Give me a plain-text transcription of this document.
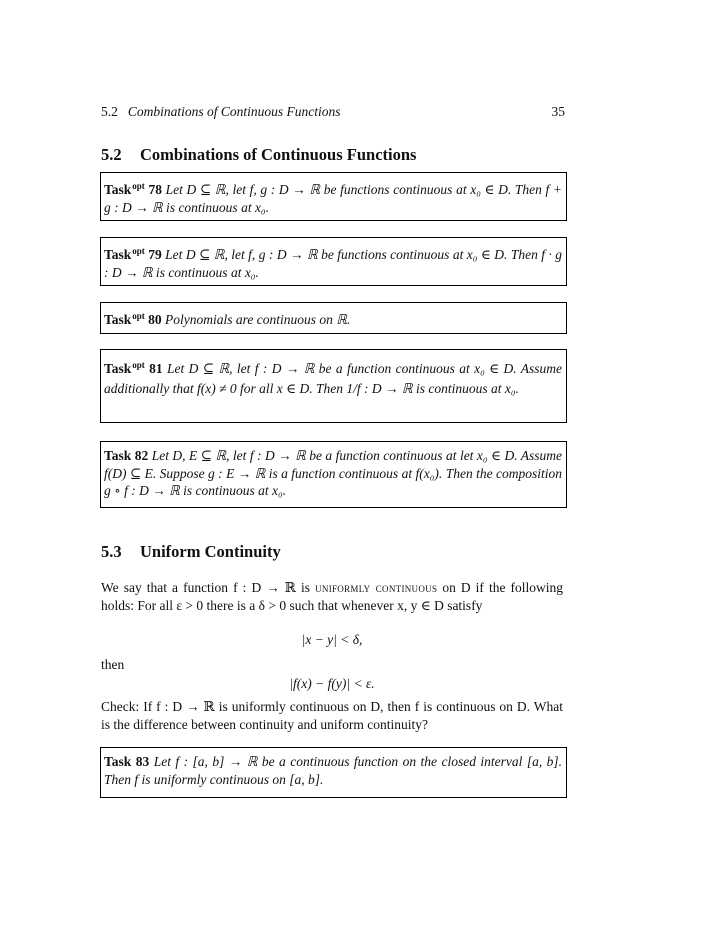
5.2 Combinations of Continuous Functions	35
5.2 Combinations of Continuous Functions
Task$^{opt}$ 78 Let D ⊆ ℝ, let f, g : D → ℝ be functions continuous at x₀ ∈ D. Then f + g : D → ℝ is continuous at x₀.
Task$^{opt}$ 79 Let D ⊆ ℝ, let f, g : D → ℝ be functions continuous at x₀ ∈ D. Then f · g : D → ℝ is continuous at x₀.
Task$^{opt}$ 80 Polynomials are continuous on ℝ.
Task$^{opt}$ 81 Let D ⊆ ℝ, let f : D → ℝ be a function continuous at x₀ ∈ D. Assume additionally that f(x) ≠ 0 for all x ∈ D. Then 1/f : D → ℝ is continuous at x₀.
Task 82 Let D, E ⊆ ℝ, let f : D → ℝ be a function continuous at let x₀ ∈ D. Assume f(D) ⊆ E. Suppose g : E → ℝ is a function continuous at f(x₀). Then the composition g ∘ f : D → ℝ is continuous at x₀.
5.3 Uniform Continuity
We say that a function f : D → ℝ is uniformly continuous on D if the following holds: For all ε > 0 there is a δ > 0 such that whenever x, y ∈ D satisfy
|x − y| < δ,
then
|f(x) − f(y)| < ε.
Check: If f : D → ℝ is uniformly continuous on D, then f is continuous on D. What is the difference between continuity and uniform continuity?
Task 83 Let f : [a, b] → ℝ be a continuous function on the closed interval [a, b]. Then f is uniformly continuous on [a, b].
